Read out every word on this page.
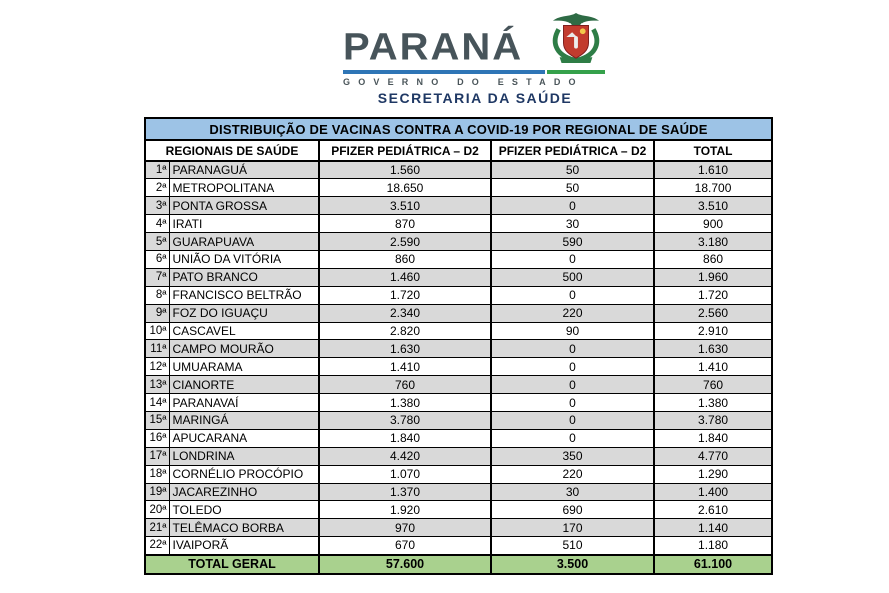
PARANÁ
GOVERNO DO ESTADO
SECRETARIA DA SAÚDE
DISTRIBUIÇÃO DE VACINAS CONTRA A COVID-19 POR REGIONAL DE SAÚDE				
REGIONAIS DE SAÚDE		PFIZER PEDIÁTRICA – D2	PFIZER PEDIÁTRICA – D2	TOTAL
1ª	PARANAGUÁ	1.560	50	1.610
2ª	METROPOLITANA	18.650	50	18.700
3ª	PONTA GROSSA	3.510	0	3.510
4ª	IRATI	870	30	900
5ª	GUARAPUAVA	2.590	590	3.180
6ª	UNIÃO DA VITÓRIA	860	0	860
7ª	PATO BRANCO	1.460	500	1.960
8ª	FRANCISCO BELTRÃO	1.720	0	1.720
9ª	FOZ DO IGUAÇU	2.340	220	2.560
10ª	CASCAVEL	2.820	90	2.910
11ª	CAMPO MOURÃO	1.630	0	1.630
12ª	UMUARAMA	1.410	0	1.410
13ª	CIANORTE	760	0	760
14ª	PARANAVAÍ	1.380	0	1.380
15ª	MARINGÁ	3.780	0	3.780
16ª	APUCARANA	1.840	0	1.840
17ª	LONDRINA	4.420	350	4.770
18ª	CORNÉLIO PROCÓPIO	1.070	220	1.290
19ª	JACAREZINHO	1.370	30	1.400
20ª	TOLEDO	1.920	690	2.610
21ª	TELÊMACO BORBA	970	170	1.140
22ª	IVAIPORÃ	670	510	1.180
TOTAL GERAL		57.600	3.500	61.100
